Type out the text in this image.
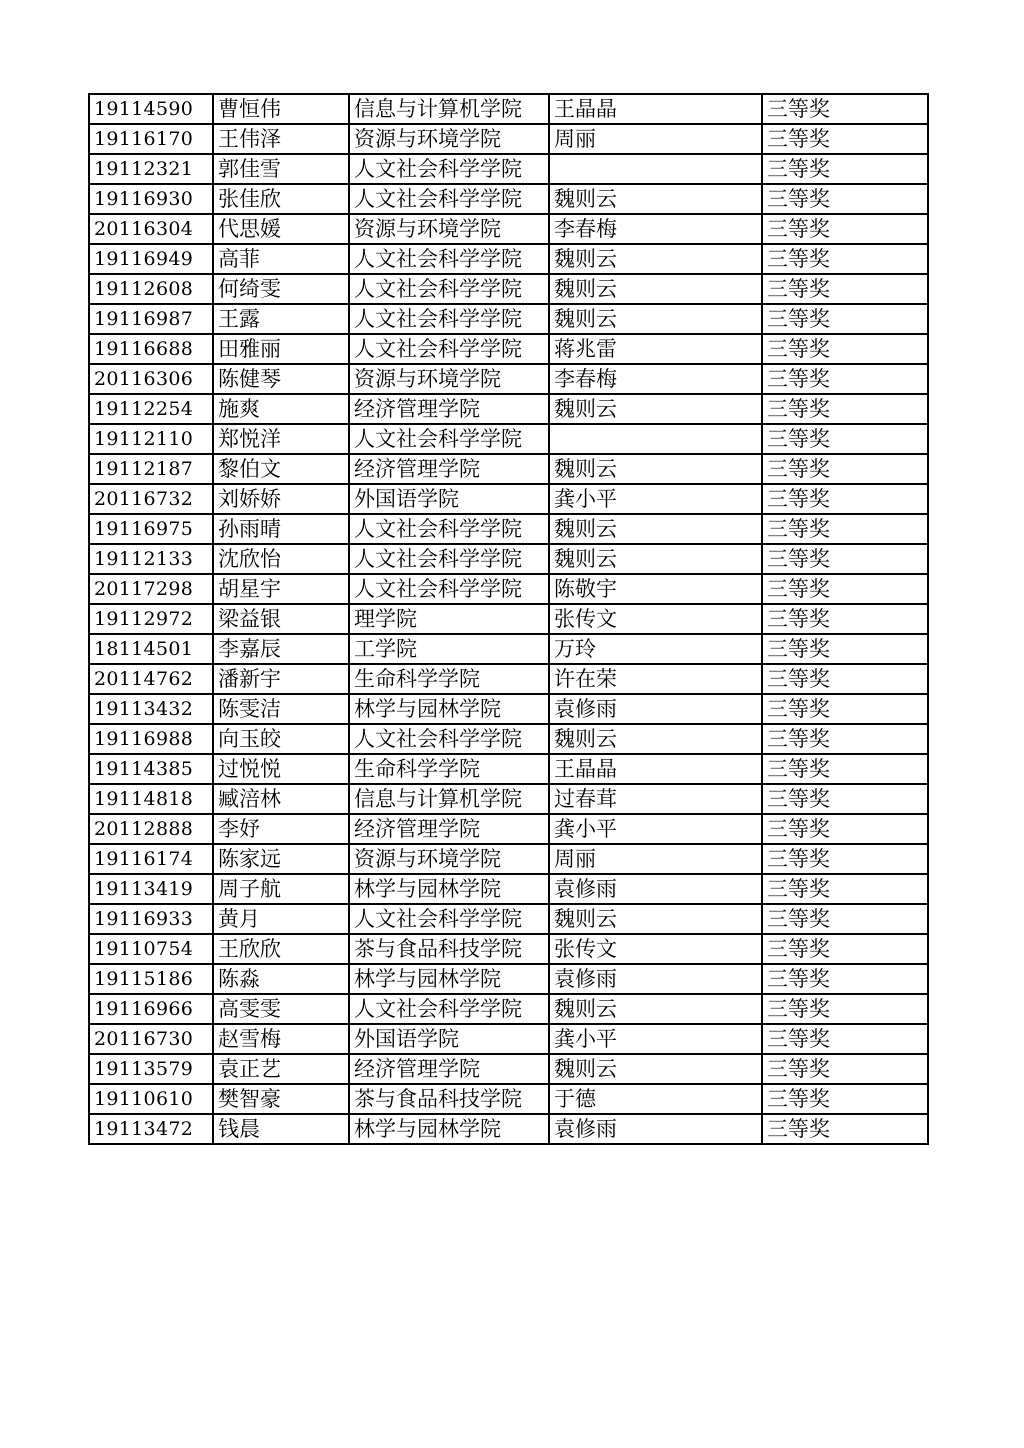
19114590	曹恒伟	信息与计算机学院	王晶晶	三等奖
19116170	王伟泽	资源与环境学院	周丽	三等奖
19112321	郭佳雪	人文社会科学学院		三等奖
19116930	张佳欣	人文社会科学学院	魏则云	三等奖
20116304	代思媛	资源与环境学院	李春梅	三等奖
19116949	高菲	人文社会科学学院	魏则云	三等奖
19112608	何绮雯	人文社会科学学院	魏则云	三等奖
19116987	王露	人文社会科学学院	魏则云	三等奖
19116688	田雅丽	人文社会科学学院	蒋兆雷	三等奖
20116306	陈健琴	资源与环境学院	李春梅	三等奖
19112254	施爽	经济管理学院	魏则云	三等奖
19112110	郑悦洋	人文社会科学学院		三等奖
19112187	黎伯文	经济管理学院	魏则云	三等奖
20116732	刘娇娇	外国语学院	龚小平	三等奖
19116975	孙雨晴	人文社会科学学院	魏则云	三等奖
19112133	沈欣怡	人文社会科学学院	魏则云	三等奖
20117298	胡星宇	人文社会科学学院	陈敬宇	三等奖
19112972	梁益银	理学院	张传文	三等奖
18114501	李嘉辰	工学院	万玲	三等奖
20114762	潘新宇	生命科学学院	许在荣	三等奖
19113432	陈雯洁	林学与园林学院	袁修雨	三等奖
19116988	向玉皎	人文社会科学学院	魏则云	三等奖
19114385	过悦悦	生命科学学院	王晶晶	三等奖
19114818	臧涪林	信息与计算机学院	过春茸	三等奖
20112888	李妤	经济管理学院	龚小平	三等奖
19116174	陈家远	资源与环境学院	周丽	三等奖
19113419	周子航	林学与园林学院	袁修雨	三等奖
19116933	黄月	人文社会科学学院	魏则云	三等奖
19110754	王欣欣	茶与食品科技学院	张传文	三等奖
19115186	陈淼	林学与园林学院	袁修雨	三等奖
19116966	高雯雯	人文社会科学学院	魏则云	三等奖
20116730	赵雪梅	外国语学院	龚小平	三等奖
19113579	袁正艺	经济管理学院	魏则云	三等奖
19110610	樊智豪	茶与食品科技学院	于德	三等奖
19113472	钱晨	林学与园林学院	袁修雨	三等奖
